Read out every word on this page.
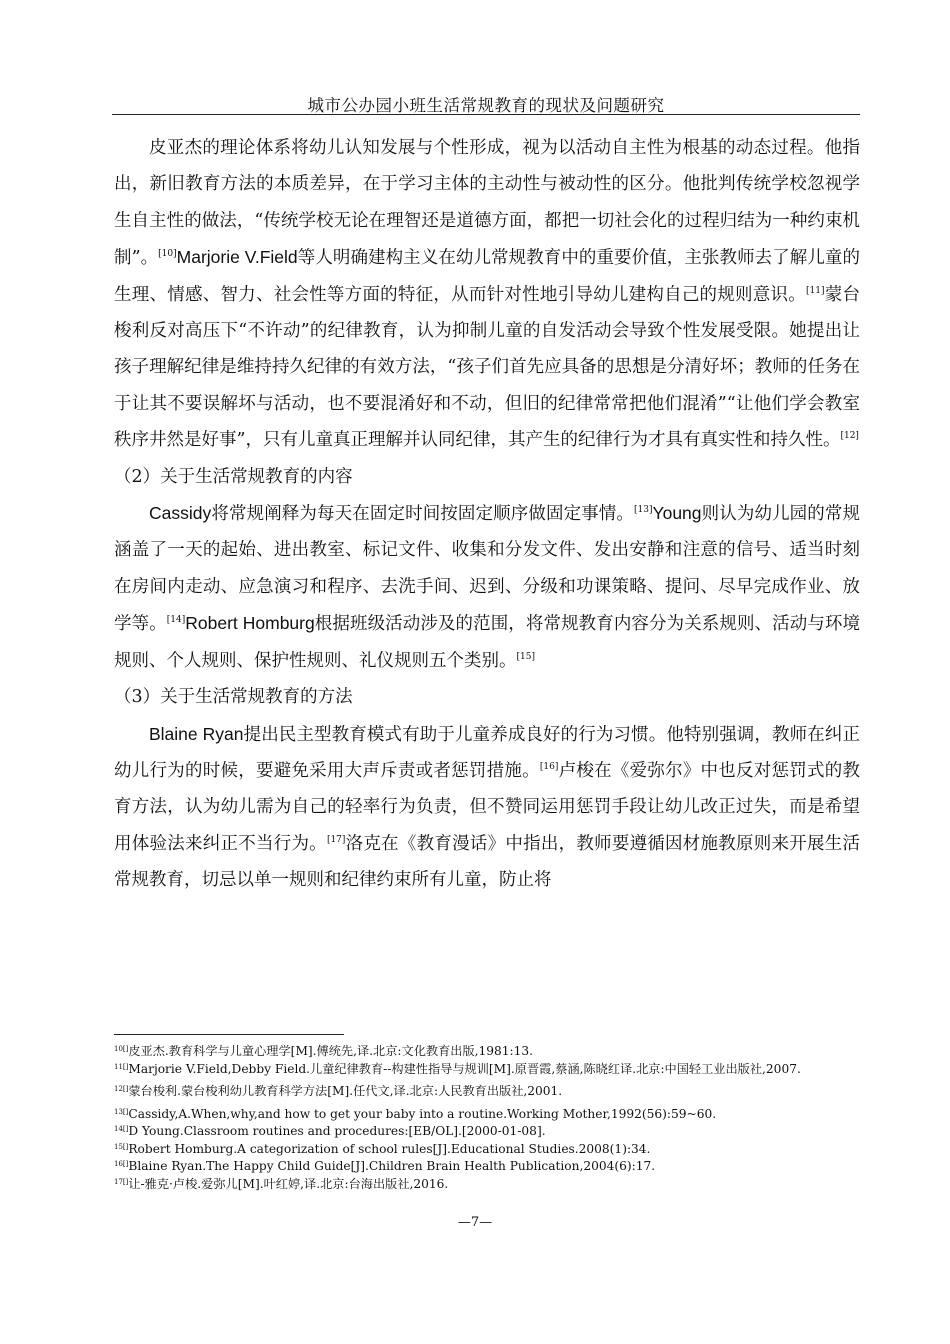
城市公办园小班生活常规教育的现状及问题研究

皮亚杰的理论体系将幼儿认知发展与个性形成，视为以活动自主性为根基的动态过程。他指出，新旧教育方法的本质差异，在于学习主体的主动性与被动性的区分。他批判传统学校忽视学生自主性的做法，“传统学校无论在理智还是道德方面，都把一切社会化的过程归结为一种约束机制”。[10]Marjorie V.Field等人明确建构主义在幼儿常规教育中的重要价值，主张教师去了解儿童的生理、情感、智力、社会性等方面的特征，从而针对性地引导幼儿建构自己的规则意识。[11]蒙台梭利反对高压下“不许动”的纪律教育，认为抑制儿童的自发活动会导致个性发展受限。她提出让孩子理解纪律是维持持久纪律的有效方法，“孩子们首先应具备的思想是分清好坏；教师的任务在于让其不要误解坏与活动，也不要混淆好和不动，但旧的纪律常常把他们混淆”“让他们学会教室秩序井然是好事”，只有儿童真正理解并认同纪律，其产生的纪律行为才具有真实性和持久性。[12]

（2）关于生活常规教育的内容

Cassidy将常规阐释为每天在固定时间按固定顺序做固定事情。[13]Young则认为幼儿园的常规涵盖了一天的起始、进出教室、标记文件、收集和分发文件、发出安静和注意的信号、适当时刻在房间内走动、应急演习和程序、去洗手间、迟到、分级和功课策略、提问、尽早完成作业、放学等。[14]Robert Homburg根据班级活动涉及的范围，将常规教育内容分为关系规则、活动与环境规则、个人规则、保护性规则、礼仪规则五个类别。[15]

（3）关于生活常规教育的方法

Blaine Ryan提出民主型教育模式有助于儿童养成良好的行为习惯。他特别强调，教师在纠正幼儿行为的时候，要避免采用大声斥责或者惩罚措施。[16]卢梭在《爱弥尔》中也反对惩罚式的教育方法，认为幼儿需为自己的轻率行为负责，但不赞同运用惩罚手段让幼儿改正过失，而是希望用体验法来纠正不当行为。[17]洛克在《教育漫话》中指出，教师要遵循因材施教原则来开展生活常规教育，切忌以单一规则和纪律约束所有儿童，防止将

$^{10[]}$皮亚杰.教育科学与儿童心理学[M].傅统先,译.北京:文化教育出版,1981:13.

$^{11[]}$Marjorie V.Field,Debby Field.儿童纪律教育--构建性指导与规训[M].原晋霞,蔡涵,陈晓红译.北京:中国轻工业出版社,2007.

$^{12[]}$蒙台梭利.蒙台梭利幼儿教育科学方法[M].任代文,译.北京:人民教育出版社,2001.

$^{13[]}$Cassidy,A.When,why,and how to get your baby into a routine.Working Mother,1992(56):59~60.

$^{14[]}$D Young.Classroom routines and procedures:[EB/OL].[2000-01-08].

$^{15[]}$Robert Homburg.A categorization of school rules[J].Educational Studies.2008(1):34.

$^{16[]}$Blaine Ryan.The Happy Child Guide[J].Children Brain Health Publication,2004(6):17.

$^{17[]}$让-雅克·卢梭.爱弥儿[M].叶红婷,译.北京:台海出版社,2016.

—7—
